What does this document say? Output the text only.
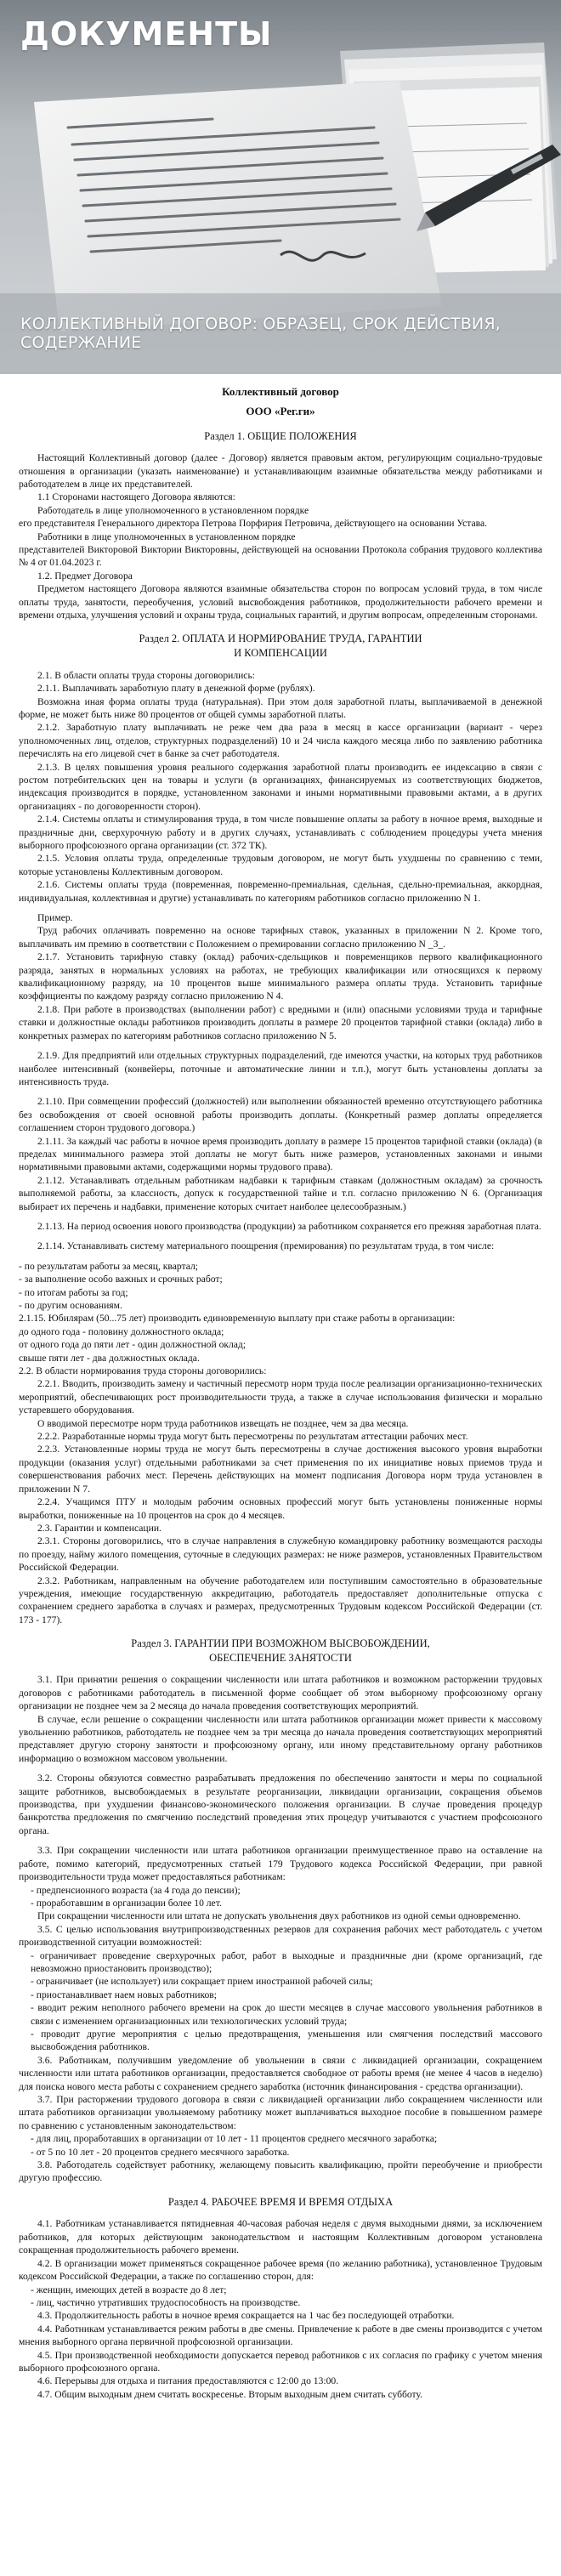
ДОКУМЕНТЫ
КОЛЛЕКТИВНЫЙ ДОГОВОР: ОБРАЗЕЦ, СРОК ДЕЙСТВИЯ, СОДЕРЖАНИЕ

Коллективный договор

ООО «Рег.ги»

Раздел 1. ОБЩИЕ ПОЛОЖЕНИЯ

Настоящий Коллективный договор (далее - Договор) является правовым актом, регулирующим социально-трудовые отношения в организации (указать наименование) и устанавливающим взаимные обязательства между работниками и работодателем в лице их представителей.

1.1 Сторонами настоящего Договора являются:

Работодатель в лице уполномоченного в установленном порядке

его представителя Генерального директора Петрова Порфирия Петровича, действующего на основании Устава.

Работники в лице уполномоченных в установленном порядке

представителей Викторовой Виктории Викторовны, действующей на основании Протокола собрания трудового коллектива № 4 от 01.04.2023 г.

1.2. Предмет Договора

Предметом настоящего Договора являются взаимные обязательства сторон по вопросам условий труда, в том числе оплаты труда, занятости, переобучения, условий высвобождения работников, продолжительности рабочего времени и времени отдыха, улучшения условий и охраны труда, социальных гарантий, и другим вопросам, определенным сторонами.

Раздел 2. ОПЛАТА И НОРМИРОВАНИЕ ТРУДА, ГАРАНТИИ

И КОМПЕНСАЦИИ

2.1. В области оплаты труда стороны договорились:

2.1.1. Выплачивать заработную плату в денежной форме (рублях).

Возможна иная форма оплаты труда (натуральная). При этом доля заработной платы, выплачиваемой в денежной форме, не может быть ниже 80 процентов от общей суммы заработной платы.

2.1.2. Заработную плату выплачивать не реже чем два раза в месяц в кассе организации (вариант - через уполномоченных лиц, отделов, структурных подразделений) 10 и 24 числа каждого месяца либо по заявлению работника перечислять на его лицевой счет в банке за счет работодателя.

2.1.3. В целях повышения уровня реального содержания заработной платы производить ее индексацию в связи с ростом потребительских цен на товары и услуги (в организациях, финансируемых из соответствующих бюджетов, индексация производится в порядке, установленном законами и иными нормативными правовыми актами, а в других организациях - по договоренности сторон).

2.1.4. Системы оплаты и стимулирования труда, в том числе повышение оплаты за работу в ночное время, выходные и праздничные дни, сверхурочную работу и в других случаях, устанавливать с соблюдением процедуры учета мнения выборного профсоюзного органа организации (ст. 372 ТК).

2.1.5. Условия оплаты труда, определенные трудовым договором, не могут быть ухудшены по сравнению с теми, которые установлены Коллективным договором.

2.1.6. Системы оплаты труда (повременная, повременно-премиальная, сдельная, сдельно-премиальная, аккордная, индивидуальная, коллективная и другие) устанавливать по категориям работников согласно приложению N 1.

Пример.

Труд рабочих оплачивать повременно на основе тарифных ставок, указанных в приложении N 2. Кроме того, выплачивать им премию в соответствии с Положением о премировании согласно приложению N _3_.

2.1.7. Установить тарифную ставку (оклад) рабочих-сдельщиков и повременщиков первого квалификационного разряда, занятых в нормальных условиях на работах, не требующих квалификации или относящихся к первому квалификационному разряду, на 10 процентов выше минимального размера оплаты труда. Установить тарифные коэффициенты по каждому разряду согласно приложению N 4.

2.1.8. При работе в производствах (выполнении работ) с вредными и (или) опасными условиями труда и тарифные ставки и должностные оклады работников производить доплаты в размере 20 процентов тарифной ставки (оклада) либо в конкретных размерах по категориям работников согласно приложению N 5.

2.1.9. Для предприятий или отдельных структурных подразделений, где имеются участки, на которых труд работников наиболее интенсивный (конвейеры, поточные и автоматические линии и т.п.), могут быть установлены доплаты за интенсивность труда.

2.1.10. При совмещении профессий (должностей) или выполнении обязанностей временно отсутствующего работника без освобождения от своей основной работы производить доплаты. (Конкретный размер доплаты определяется соглашением сторон трудового договора.)

2.1.11. За каждый час работы в ночное время производить доплату в размере 15 процентов тарифной ставки (оклада) (в пределах минимального размера этой доплаты не могут быть ниже размеров, установленных законами и иными нормативными правовыми актами, содержащими нормы трудового права).

2.1.12. Устанавливать отдельным работникам надбавки к тарифным ставкам (должностным окладам) за срочность выполняемой работы, за классность, допуск к государственной тайне и т.п. согласно приложению N 6. (Организация выбирает их перечень и надбавки, применение которых считает наиболее целесообразным.)

2.1.13. На период освоения нового производства (продукции) за работником сохраняется его прежняя заработная плата.

2.1.14. Устанавливать систему материального поощрения (премирования) по результатам труда, в том числе:

- по результатам работы за месяц, квартал;

- за выполнение особо важных и срочных работ;

- по итогам работы за год;

- по другим основаниям.

2.1.15. Юбилярам (50...75 лет) производить единовременную выплату при стаже работы в организации:

до одного года - половину должностного оклада;

от одного года до пяти лет - один должностной оклад;

свыше пяти лет - два должностных оклада.

2.2. В области нормирования труда стороны договорились:

2.2.1. Вводить, производить замену и частичный пересмотр норм труда после реализации организационно-технических мероприятий, обеспечивающих рост производительности труда, а также в случае использования физически и морально устаревшего оборудования.

О вводимой пересмотре норм труда работников извещать не позднее, чем за два месяца.

2.2.2. Разработанные нормы труда могут быть пересмотрены по результатам аттестации рабочих мест.

2.2.3. Установленные нормы труда не могут быть пересмотрены в случае достижения высокого уровня выработки продукции (оказания услуг) отдельными работниками за счет применения по их инициативе новых приемов труда и совершенствования рабочих мест. Перечень действующих на момент подписания Договора норм труда установлен в приложении N 7.

2.2.4. Учащимся ПТУ и молодым рабочим основных профессий могут быть установлены пониженные нормы выработки, пониженные на 10 процентов на срок до 4 месяцев.

2.3. Гарантии и компенсации.

2.3.1. Стороны договорились, что в случае направления в служебную командировку работнику возмещаются расходы по проезду, найму жилого помещения, суточные в следующих размерах: не ниже размеров, установленных Правительством Российской Федерации.

2.3.2. Работникам, направленным на обучение работодателем или поступившим самостоятельно в образовательные учреждения, имеющие государственную аккредитацию, работодатель предоставляет дополнительные отпуска с сохранением среднего заработка в случаях и размерах, предусмотренных Трудовым кодексом Российской Федерации (ст. 173 - 177).

Раздел 3. ГАРАНТИИ ПРИ ВОЗМОЖНОМ ВЫСВОБОЖДЕНИИ,

ОБЕСПЕЧЕНИЕ ЗАНЯТОСТИ

3.1. При принятии решения о сокращении численности или штата работников и возможном расторжении трудовых договоров с работниками работодатель в письменной форме сообщает об этом выборному профсоюзному органу организации не позднее чем за 2 месяца до начала проведения соответствующих мероприятий.

В случае, если решение о сокращении численности или штата работников организации может привести к массовому увольнению работников, работодатель не позднее чем за три месяца до начала проведения соответствующих мероприятий представляет другую сторону занятости и профсоюзному органу, или иному представительному органу работников информацию о возможном массовом увольнении.

3.2. Стороны обязуются совместно разрабатывать предложения по обеспечению занятости и меры по социальной защите работников, высвобождаемых в результате реорганизации, ликвидации организации, сокращения объемов производства, при ухудшении финансово-экономического положения организации. В случае проведения процедур банкротства предложения по смягчению последствий проведения этих процедур учитываются с участием профсоюзного органа.

3.3. При сокращении численности или штата работников организации преимущественное право на оставление на работе, помимо категорий, предусмотренных статьей 179 Трудового кодекса Российской Федерации, при равной производительности труда может предоставляться работникам:

- предпенсионного возраста (за 4 года до пенсии);

- проработавшим в организации более 10 лет.

При сокращении численности или штата не допускать увольнения двух работников из одной семьи одновременно.

3.5. С целью использования внутрипроизводственных резервов для сохранения рабочих мест работодатель с учетом производственной ситуации возможностей:

- ограничивает проведение сверхурочных работ, работ в выходные и праздничные дни (кроме организаций, где невозможно приостановить производство);

- ограничивает (не использует) или сокращает прием иностранной рабочей силы;

- приостанавливает наем новых работников;

- вводит режим неполного рабочего времени на срок до шести месяцев в случае массового увольнения работников в связи с изменением организационных или технологических условий труда;

- проводит другие мероприятия с целью предотвращения, уменьшения или смягчения последствий массового высвобождения работников.

3.6. Работникам, получившим уведомление об увольнении в связи с ликвидацией организации, сокращением численности или штата работников организации, предоставляется свободное от работы время (не менее 4 часов в неделю) для поиска нового места работы с сохранением среднего заработка (источник финансирования - средства организации).

3.7. При расторжении трудового договора в связи с ликвидацией организации либо сокращением численности или штата работников организации увольняемому работнику может выплачиваться выходное пособие в повышенном размере по сравнению с установленным законодательством:

- для лиц, проработавших в организации от 10 лет - 11 процентов среднего месячного заработка;

- от 5 по 10 лет - 20 процентов среднего месячного заработка.

3.8. Работодатель содействует работнику, желающему повысить квалификацию, пройти переобучение и приобрести другую профессию.

Раздел 4. РАБОЧЕЕ ВРЕМЯ И ВРЕМЯ ОТДЫХА

4.1. Работникам устанавливается пятидневная 40-часовая рабочая неделя с двумя выходными днями, за исключением работников, для которых действующим законодательством и настоящим Коллективным договором установлена сокращенная продолжительность рабочего времени.

4.2. В организации может применяться сокращенное рабочее время (по желанию работника), установленное Трудовым кодексом Российской Федерации, а также по соглашению сторон, для:

- женщин, имеющих детей в возрасте до 8 лет;

- лиц, частично утративших трудоспособность на производстве.

4.3. Продолжительность работы в ночное время сокращается на 1 час без последующей отработки.

4.4. Работникам устанавливается режим работы в две смены. Привлечение к работе в две смены производится с учетом мнения выборного органа первичной профсоюзной организации.

4.5. При производственной необходимости допускается перевод работников с их согласия по графику с учетом мнения выборного профсоюзного органа.

4.6. Перерывы для отдыха и питания предоставляются с 12:00 до 13:00.

4.7. Общим выходным днем считать воскресенье. Вторым выходным днем считать субботу.
